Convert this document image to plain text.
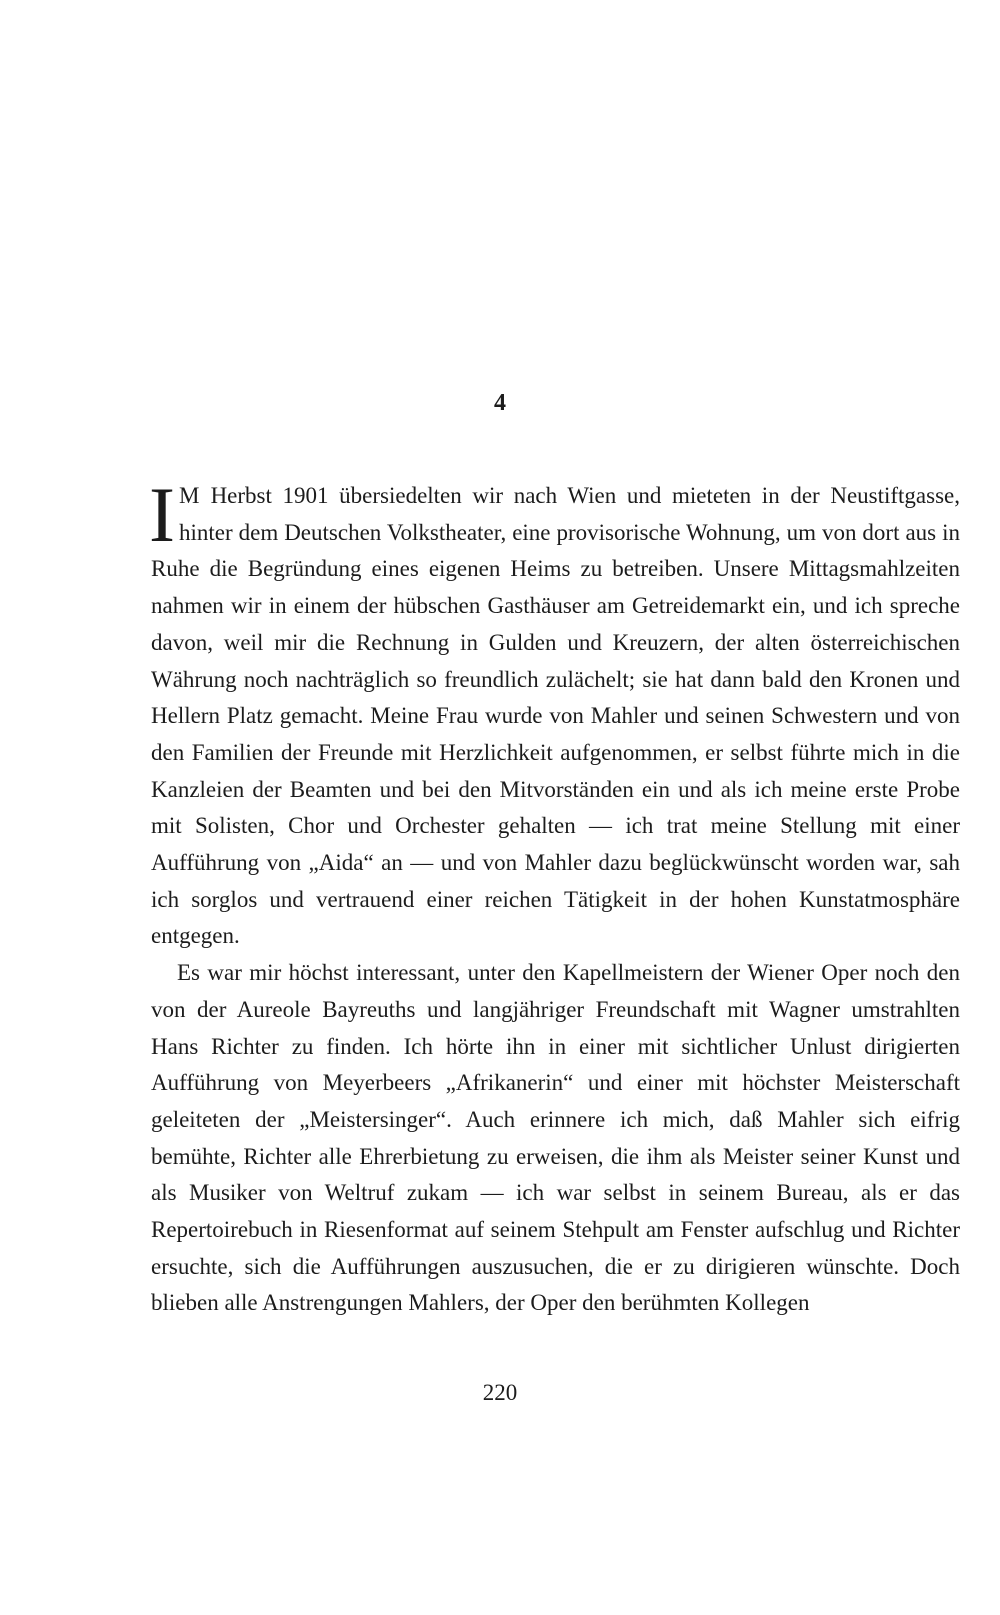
4

I M Herbst 1901 übersiedelten wir nach Wien und mieteten in der Neustiftgasse, hinter dem Deutschen Volkstheater, eine provisorische Wohnung, um von dort aus in Ruhe die Begründung eines eigenen Heims zu betreiben. Unsere Mittagsmahlzeiten nahmen wir in einem der hübschen Gasthäuser am Getreidemarkt ein, und ich spreche davon, weil mir die Rechnung in Gulden und Kreuzern, der alten österreichischen Währung noch nachträglich so freundlich zulächelt; sie hat dann bald den Kronen und Hellern Platz gemacht. Meine Frau wurde von Mahler und seinen Schwestern und von den Familien der Freunde mit Herzlichkeit aufgenommen, er selbst führte mich in die Kanzleien der Beamten und bei den Mitvorständen ein und als ich meine erste Probe mit Solisten, Chor und Orchester gehalten — ich trat meine Stellung mit einer Aufführung von „Aida“ an — und von Mahler dazu beglückwünscht worden war, sah ich sorglos und vertrauend einer reichen Tätigkeit in der hohen Kunstatmosphäre entgegen.

Es war mir höchst interessant, unter den Kapellmeistern der Wiener Oper noch den von der Aureole Bayreuths und langjähriger Freundschaft mit Wagner umstrahlten Hans Richter zu finden. Ich hörte ihn in einer mit sichtlicher Unlust dirigierten Aufführung von Meyerbeers „Afrikanerin“ und einer mit höchster Meisterschaft geleiteten der „Meistersinger“. Auch erinnere ich mich, daß Mahler sich eifrig bemühte, Richter alle Ehrerbietung zu erweisen, die ihm als Meister seiner Kunst und als Musiker von Weltruf zukam — ich war selbst in seinem Bureau, als er das Repertoirebuch in Riesenformat auf seinem Stehpult am Fenster aufschlug und Richter ersuchte, sich die Aufführungen auszusuchen, die er zu dirigieren wünschte. Doch blieben alle Anstrengungen Mahlers, der Oper den berühmten Kollegen

220
